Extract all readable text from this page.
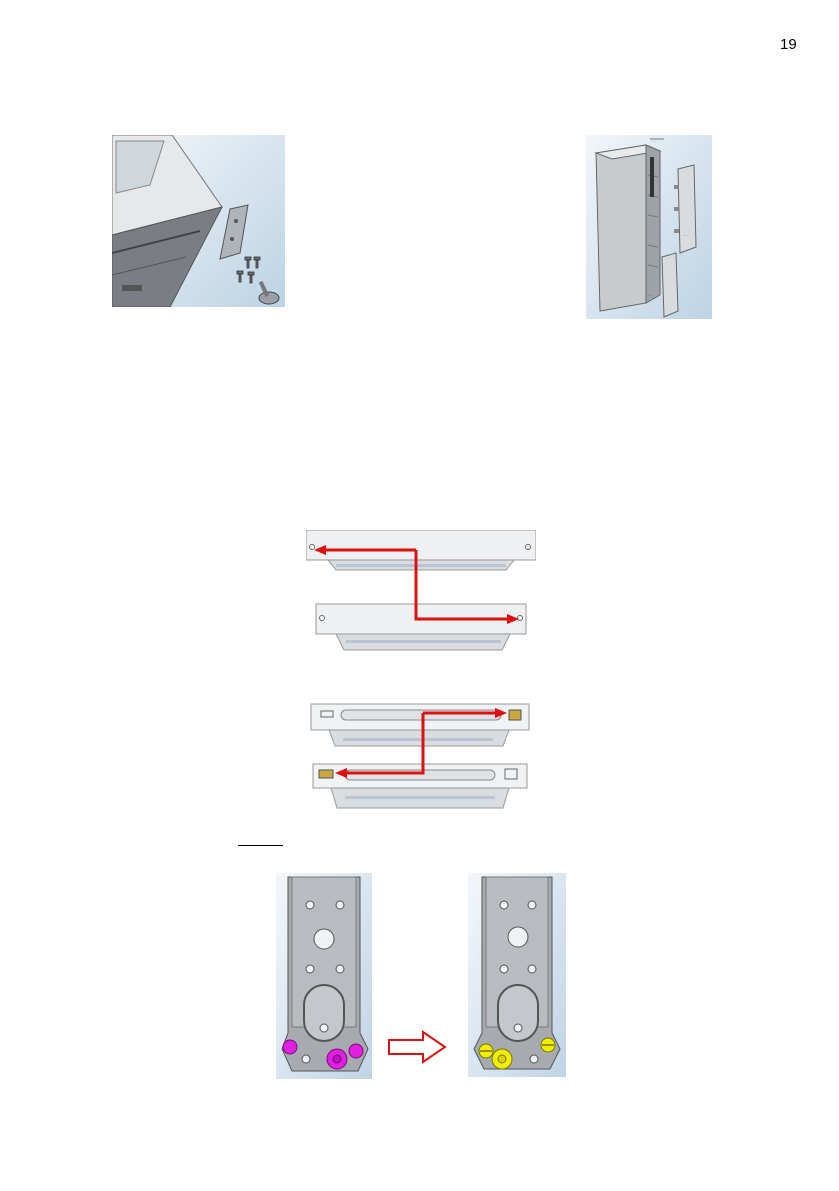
19
· ·
· ·
· ·
